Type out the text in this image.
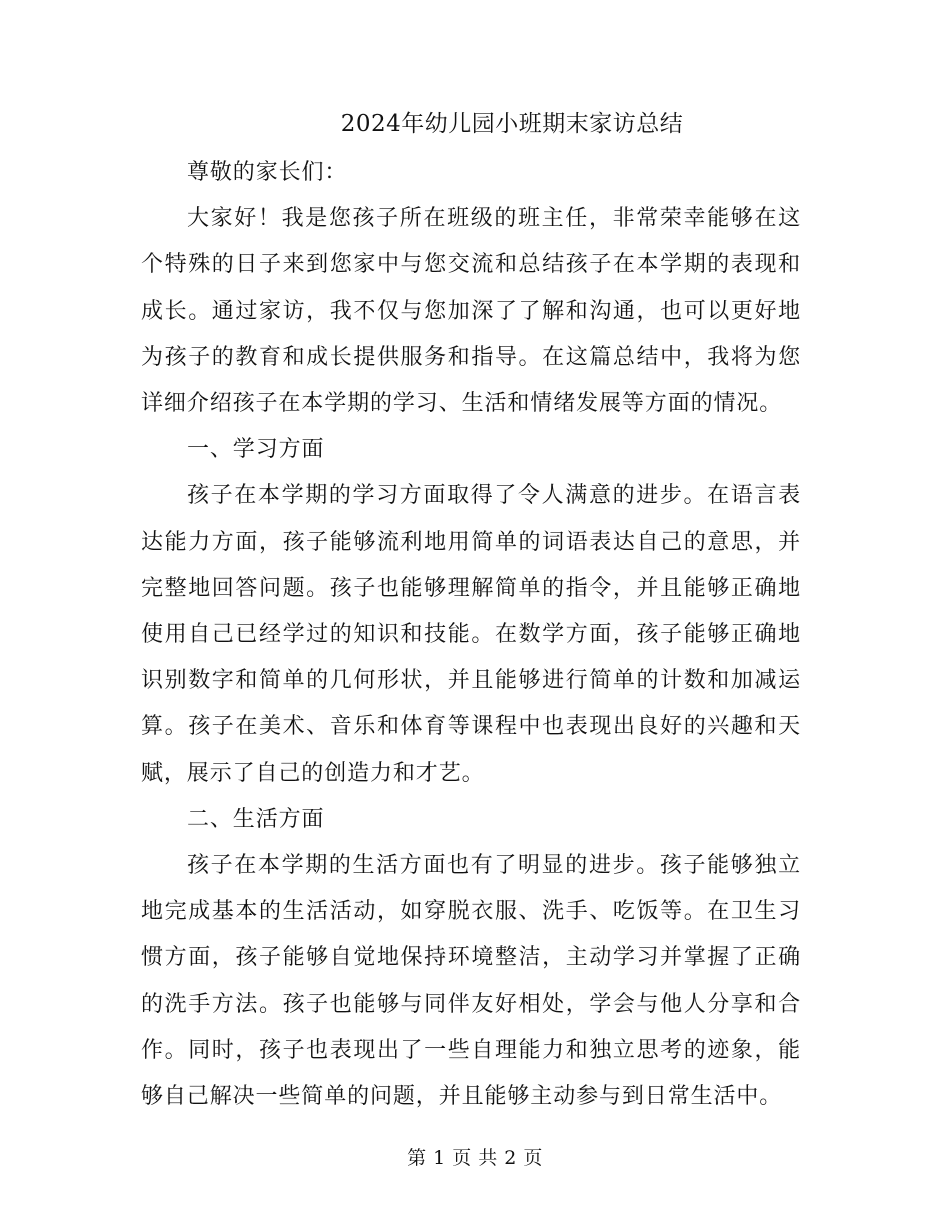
2024年幼儿园小班期末家访总结

尊敬的家长们：

大家好！我是您孩子所在班级的班主任，非常荣幸能够在这个特殊的日子来到您家中与您交流和总结孩子在本学期的表现和成长。通过家访，我不仅与您加深了了解和沟通，也可以更好地为孩子的教育和成长提供服务和指导。在这篇总结中，我将为您详细介绍孩子在本学期的学习、生活和情绪发展等方面的情况。

一、学习方面

孩子在本学期的学习方面取得了令人满意的进步。在语言表达能力方面，孩子能够流利地用简单的词语表达自己的意思，并完整地回答问题。孩子也能够理解简单的指令，并且能够正确地使用自己已经学过的知识和技能。在数学方面，孩子能够正确地识别数字和简单的几何形状，并且能够进行简单的计数和加减运算。孩子在美术、音乐和体育等课程中也表现出良好的兴趣和天赋，展示了自己的创造力和才艺。

二、生活方面

孩子在本学期的生活方面也有了明显的进步。孩子能够独立地完成基本的生活活动，如穿脱衣服、洗手、吃饭等。在卫生习惯方面，孩子能够自觉地保持环境整洁，主动学习并掌握了正确的洗手方法。孩子也能够与同伴友好相处，学会与他人分享和合作。同时，孩子也表现出了一些自理能力和独立思考的迹象，能够自己解决一些简单的问题，并且能够主动参与到日常生活中。

第 1 页 共 2 页
